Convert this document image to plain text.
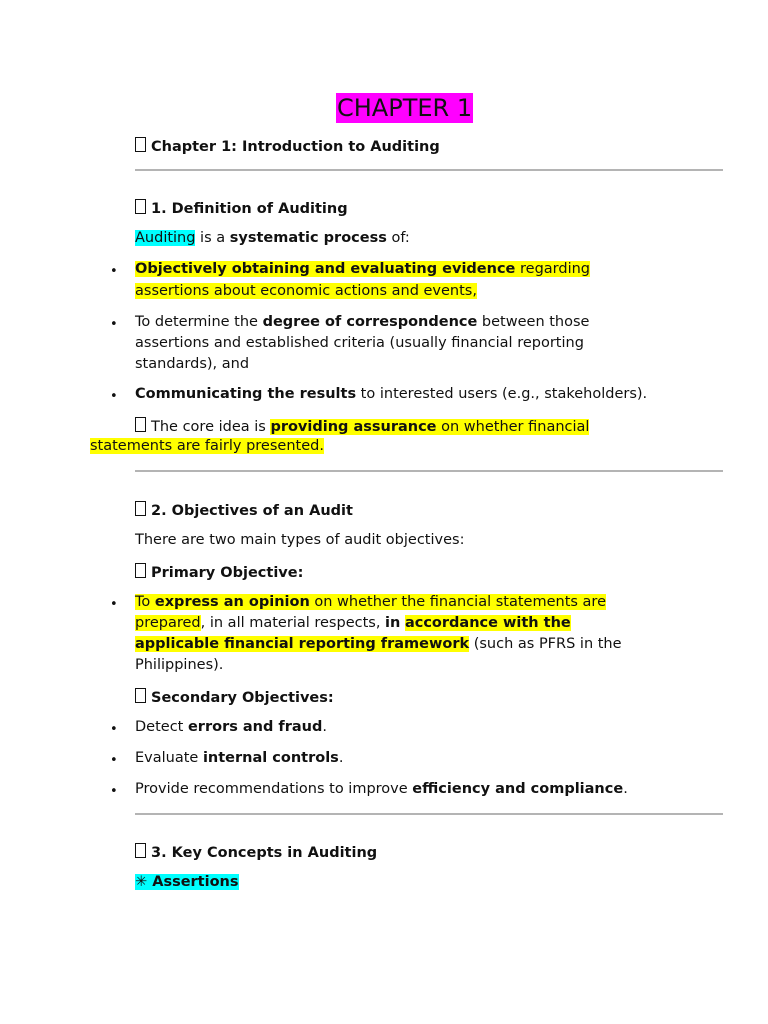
CHAPTER 1
Chapter 1: Introduction to Auditing
1. Definition of Auditing
Auditing is a systematic process of:
• Objectively obtaining and evaluating evidence regarding
assertions about economic actions and events,
• To determine the degree of correspondence between those
assertions and established criteria (usually financial reporting
standards), and
• Communicating the results to interested users (e.g., stakeholders).
The core idea is providing assurance on whether financial
statements are fairly presented.
2. Objectives of an Audit
There are two main types of audit objectives:
Primary Objective:
• To express an opinion on whether the financial statements are
prepared, in all material respects, in accordance with the
applicable financial reporting framework (such as PFRS in the
Philippines).
Secondary Objectives:
• Detect errors and fraud.
• Evaluate internal controls.
• Provide recommendations to improve efficiency and compliance.
3. Key Concepts in Auditing
✳ Assertions
